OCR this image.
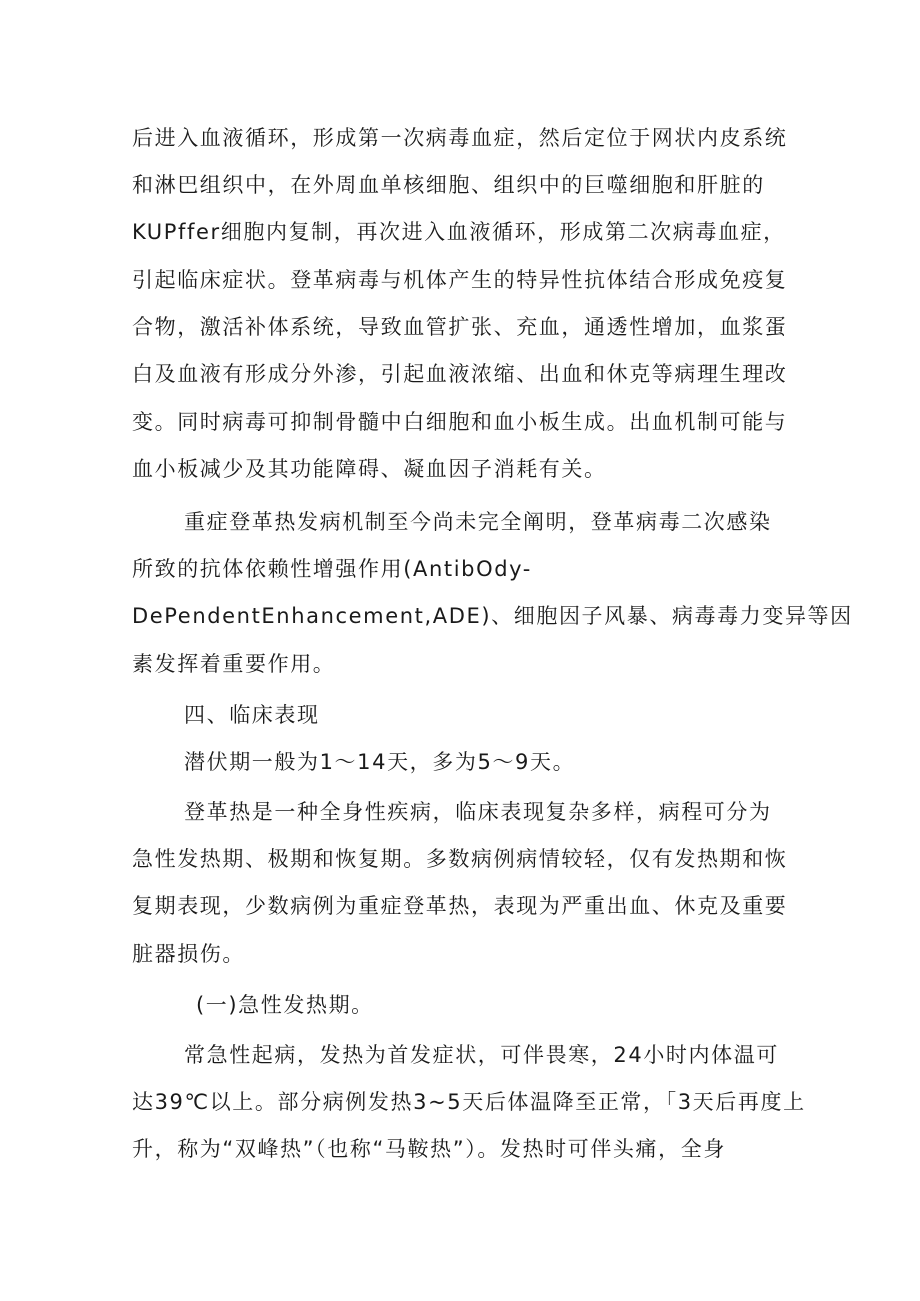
后进入血液循环，形成第一次病毒血症，然后定位于网状内皮系统
和淋巴组织中，在外周血单核细胞、组织中的巨噬细胞和肝脏的
KUPffer细胞内复制，再次进入血液循环，形成第二次病毒血症，
引起临床症状。登革病毒与机体产生的特异性抗体结合形成免疫复
合物，激活补体系统，导致血管扩张、充血，通透性增加，血浆蛋
白及血液有形成分外渗，引起血液浓缩、出血和休克等病理生理改
变。同时病毒可抑制骨髓中白细胞和血小板生成。出血机制可能与
血小板减少及其功能障碍、凝血因子消耗有关。
重症登革热发病机制至今尚未完全阐明，登革病毒二次感染
所致的抗体依赖性增强作用(AntibOdy-
DePendentEnhancement,ADE)、细胞因子风暴、病毒毒力变异等因
素发挥着重要作用。
四、临床表现
潜伏期一般为1〜14天，多为5〜9天。
登革热是一种全身性疾病，临床表现复杂多样，病程可分为
急性发热期、极期和恢复期。多数病例病情较轻，仅有发热期和恢
复期表现，少数病例为重症登革热，表现为严重出血、休克及重要
脏器损伤。
(一)急性发热期。
常急性起病，发热为首发症状，可伴畏寒，24小时内体温可
达39℃以上。部分病例发热3~5天后体温降至正常，「3天后再度上
升，称为“双峰热”（也称“马鞍热”）。发热时可伴头痛，全身
